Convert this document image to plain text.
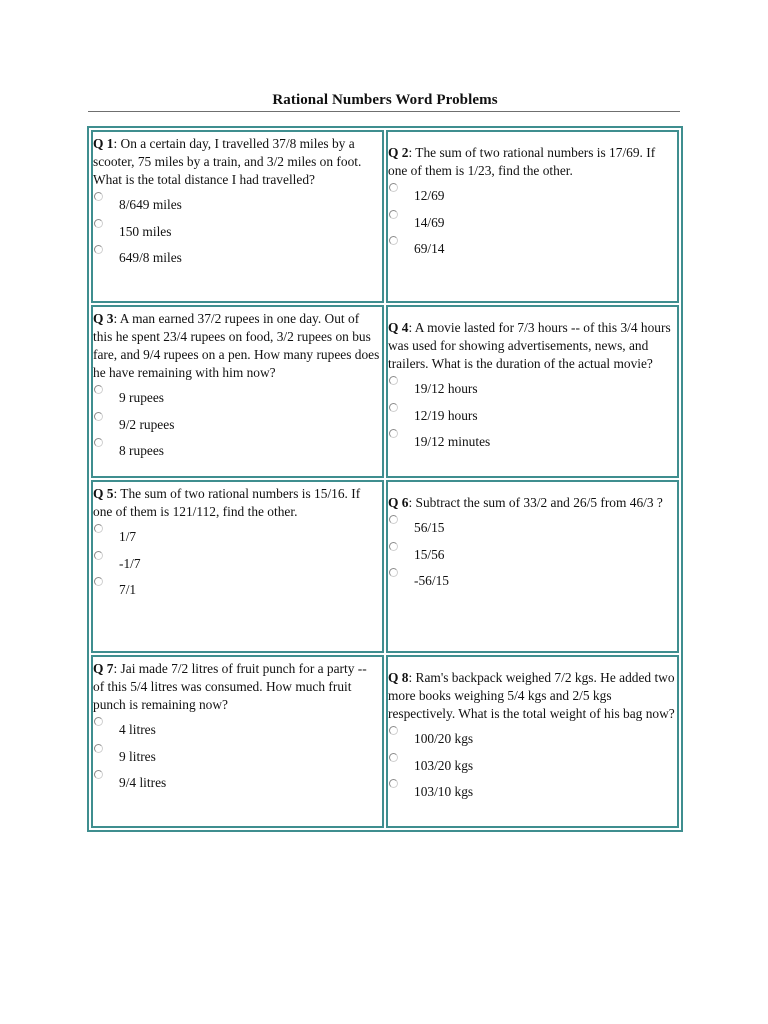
Rational Numbers Word Problems
Q 1: On a certain day, I travelled 37/8 miles by a scooter, 75 miles by a train, and 3/2 miles on foot. What is the total distance I had travelled?
8/649 miles
150 miles
649/8 miles
Q 2: The sum of two rational numbers is 17/69. If one of them is 1/23, find the other.
12/69
14/69
69/14
Q 3: A man earned 37/2 rupees in one day. Out of this he spent 23/4 rupees on food, 3/2 rupees on bus fare, and 9/4 rupees on a pen. How many rupees does he have remaining with him now?
9 rupees
9/2 rupees
8 rupees
Q 4: A movie lasted for 7/3 hours -- of this 3/4 hours was used for showing advertisements, news, and trailers. What is the duration of the actual movie?
19/12 hours
12/19 hours
19/12 minutes
Q 5: The sum of two rational numbers is 15/16. If one of them is 121/112, find the other.
1/7
-1/7
7/1
Q 6: Subtract the sum of 33/2 and 26/5 from 46/3 ?
56/15
15/56
-56/15
Q 7: Jai made 7/2 litres of fruit punch for a party -- of this 5/4 litres was consumed. How much fruit punch is remaining now?
4 litres
9 litres
9/4 litres
Q 8: Ram's backpack weighed 7/2 kgs. He added two more books weighing 5/4 kgs and 2/5 kgs respectively. What is the total weight of his bag now?
100/20 kgs
103/20 kgs
103/10 kgs
